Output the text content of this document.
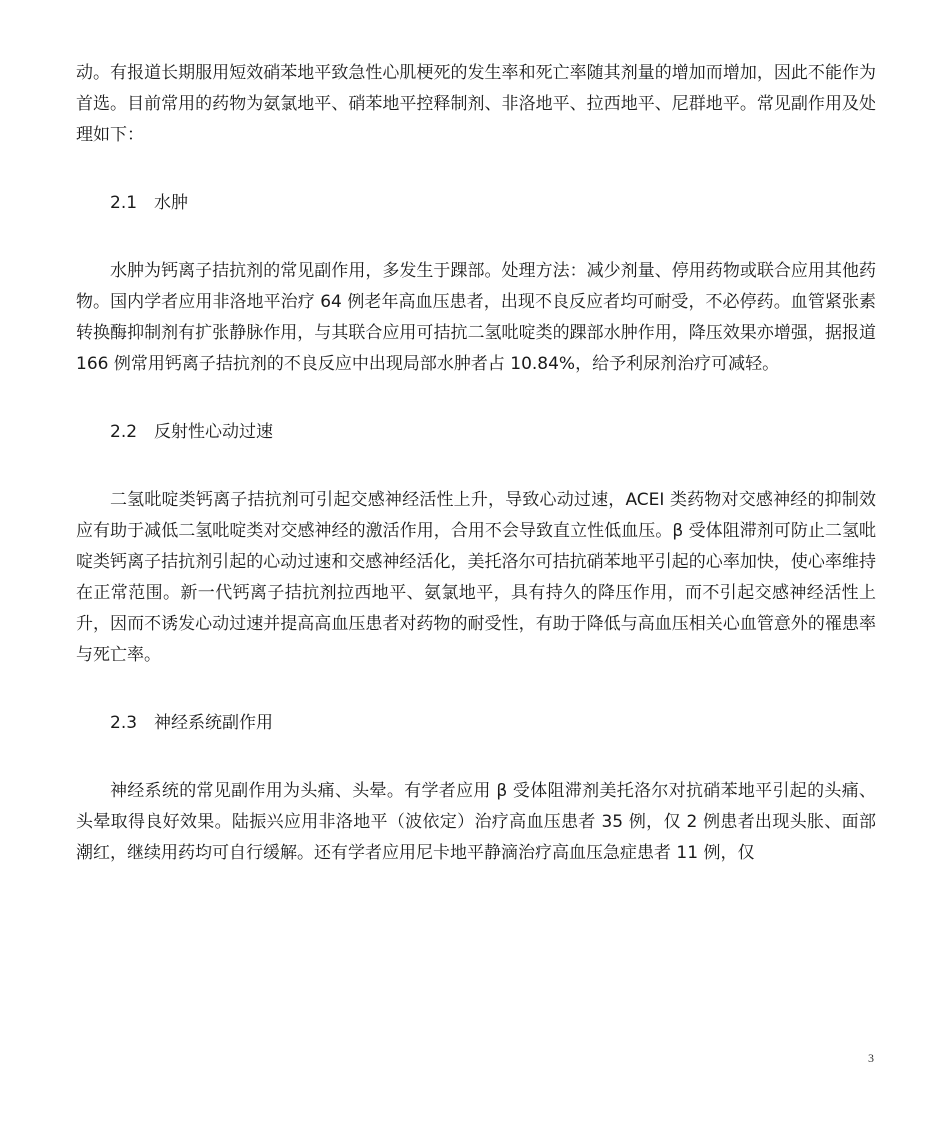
动。有报道长期服用短效硝苯地平致急性心肌梗死的发生率和死亡率随其剂量的增加而增加，因此不能作为首选。目前常用的药物为氨氯地平、硝苯地平控释制剂、非洛地平、拉西地平、尼群地平。常见副作用及处理如下：

2.1 水肿

水肿为钙离子拮抗剂的常见副作用，多发生于踝部。处理方法：减少剂量、停用药物或联合应用其他药物。国内学者应用非洛地平治疗 64 例老年高血压患者，出现不良反应者均可耐受，不必停药。血管紧张素转换酶抑制剂有扩张静脉作用，与其联合应用可拮抗二氢吡啶类的踝部水肿作用，降压效果亦增强，据报道 166 例常用钙离子拮抗剂的不良反应中出现局部水肿者占 10.84%，给予利尿剂治疗可减轻。

2.2 反射性心动过速

二氢吡啶类钙离子拮抗剂可引起交感神经活性上升，导致心动过速，ACEI 类药物对交感神经的抑制效应有助于减低二氢吡啶类对交感神经的激活作用，合用不会导致直立性低血压。β 受体阻滞剂可防止二氢吡啶类钙离子拮抗剂引起的心动过速和交感神经活化，美托洛尔可拮抗硝苯地平引起的心率加快，使心率维持在正常范围。新一代钙离子拮抗剂拉西地平、氨氯地平，具有持久的降压作用，而不引起交感神经活性上升，因而不诱发心动过速并提高高血压患者对药物的耐受性，有助于降低与高血压相关心血管意外的罹患率与死亡率。

2.3 神经系统副作用

神经系统的常见副作用为头痛、头晕。有学者应用 β 受体阻滞剂美托洛尔对抗硝苯地平引起的头痛、头晕取得良好效果。陆振兴应用非洛地平（波依定）治疗高血压患者 35 例，仅 2 例患者出现头胀、面部潮红，继续用药均可自行缓解。还有学者应用尼卡地平静滴治疗高血压急症患者 11 例，仅

3
